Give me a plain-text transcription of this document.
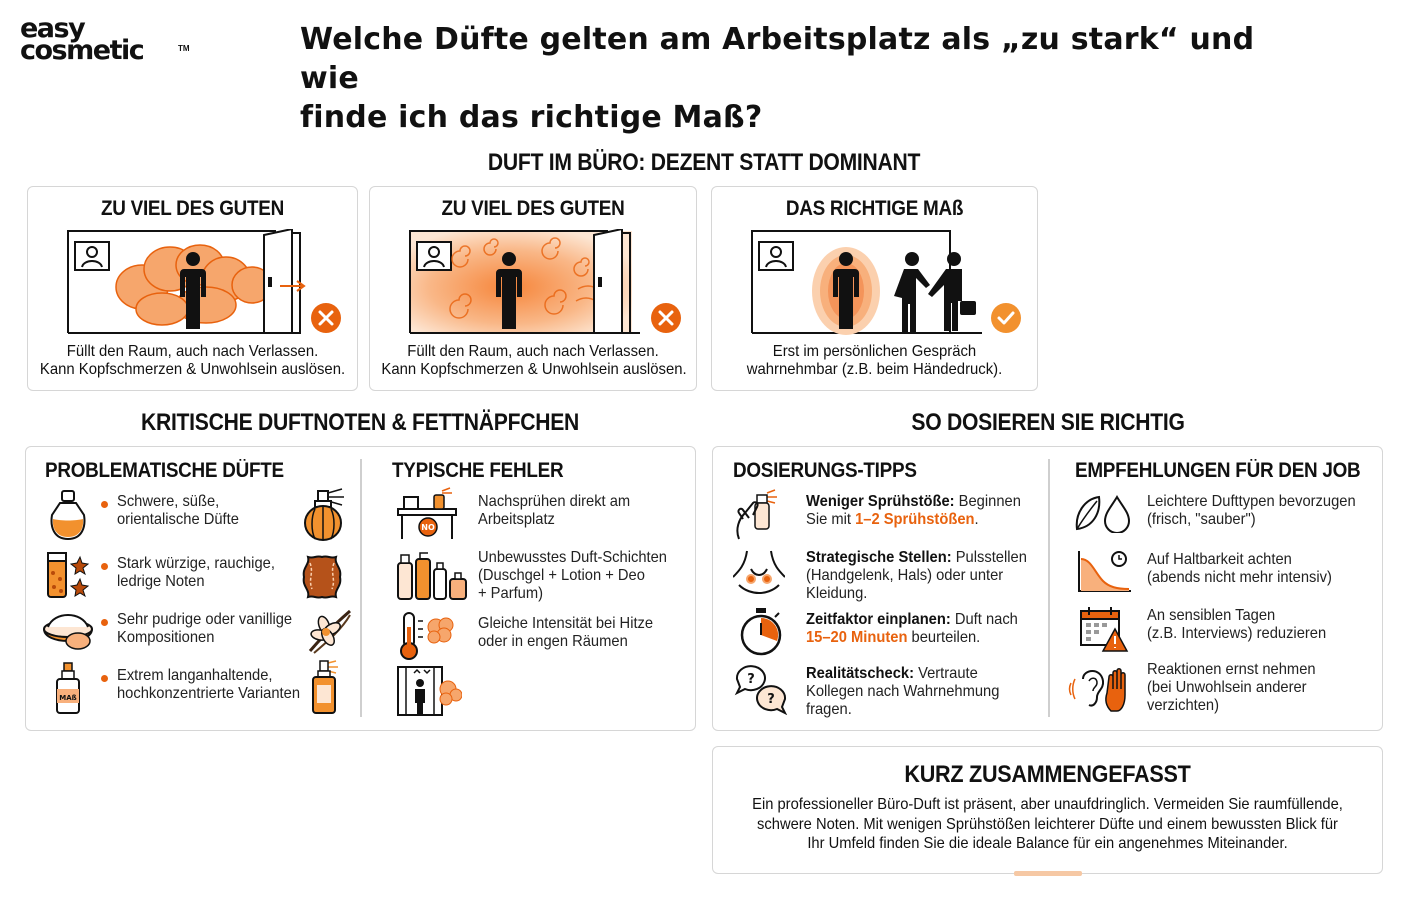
easy
cosmetic	TM	Welche Düfte gelten am Arbeitsplatz als „zu stark“ und wie
finde ich das richtige Maß?
DUFT IM BÜRO: DEZENT STATT DOMINANT
ZU VIEL DES GUTEN
Füllt den Raum, auch nach Verlassen.
Kann Kopfschmerzen & Unwohlsein auslösen.
ZU VIEL DES GUTEN
Füllt den Raum, auch nach Verlassen.
Kann Kopfschmerzen & Unwohlsein auslösen.
DAS RICHTIGE MAß
Erst im persönlichen Gespräch
wahrnehmbar (z.B. beim Händedruck).
KRITISCHE DUFTNOTEN & FETTNÄPFCHEN	SO DOSIEREN SIE RICHTIG
PROBLEMATISCHE DÜFTE	TYPISCHE FEHLER
Schwere, süße,
orientalische Düfte
Stark würzige, rauchige,
ledrige Noten
Sehr pudrige oder vanillige
Kompositionen
MAß
Extrem langanhaltende,
hochkonzentrierte Varianten
NO
Nachsprühen direkt am
Arbeitsplatz
Unbewusstes Duft-Schichten
(Duschgel + Lotion + Deo
+ Parfum)
Gleiche Intensität bei Hitze
oder in engen Räumen
DOSIERUNGS-TIPPS	EMPFEHLUNGEN FÜR DEN JOB
Weniger Sprühstöße: Beginnen
Sie mit 1–2 Sprühstößen.
Strategische Stellen: Pulsstellen
(Handgelenk, Hals) oder unter
Kleidung.
Zeitfaktor einplanen: Duft nach
15–20 Minuten beurteilen.
?
?
Realitätscheck: Vertraute
Kollegen nach Wahrnehmung
fragen.
Leichtere Dufttypen bevorzugen
(frisch, "sauber")
Auf Haltbarkeit achten
(abends nicht mehr intensiv)
An sensiblen Tagen
(z.B. Interviews) reduzieren
Reaktionen ernst nehmen
(bei Unwohlsein anderer
verzichten)
KURZ ZUSAMMENGEFASST
Ein professioneller Büro-Duft ist präsent, aber unaufdringlich. Vermeiden Sie raumfüllende,
schwere Noten. Mit wenigen Sprühstößen leichterer Düfte und einem bewussten Blick für
Ihr Umfeld finden Sie die ideale Balance für ein angenehmes Miteinander.
